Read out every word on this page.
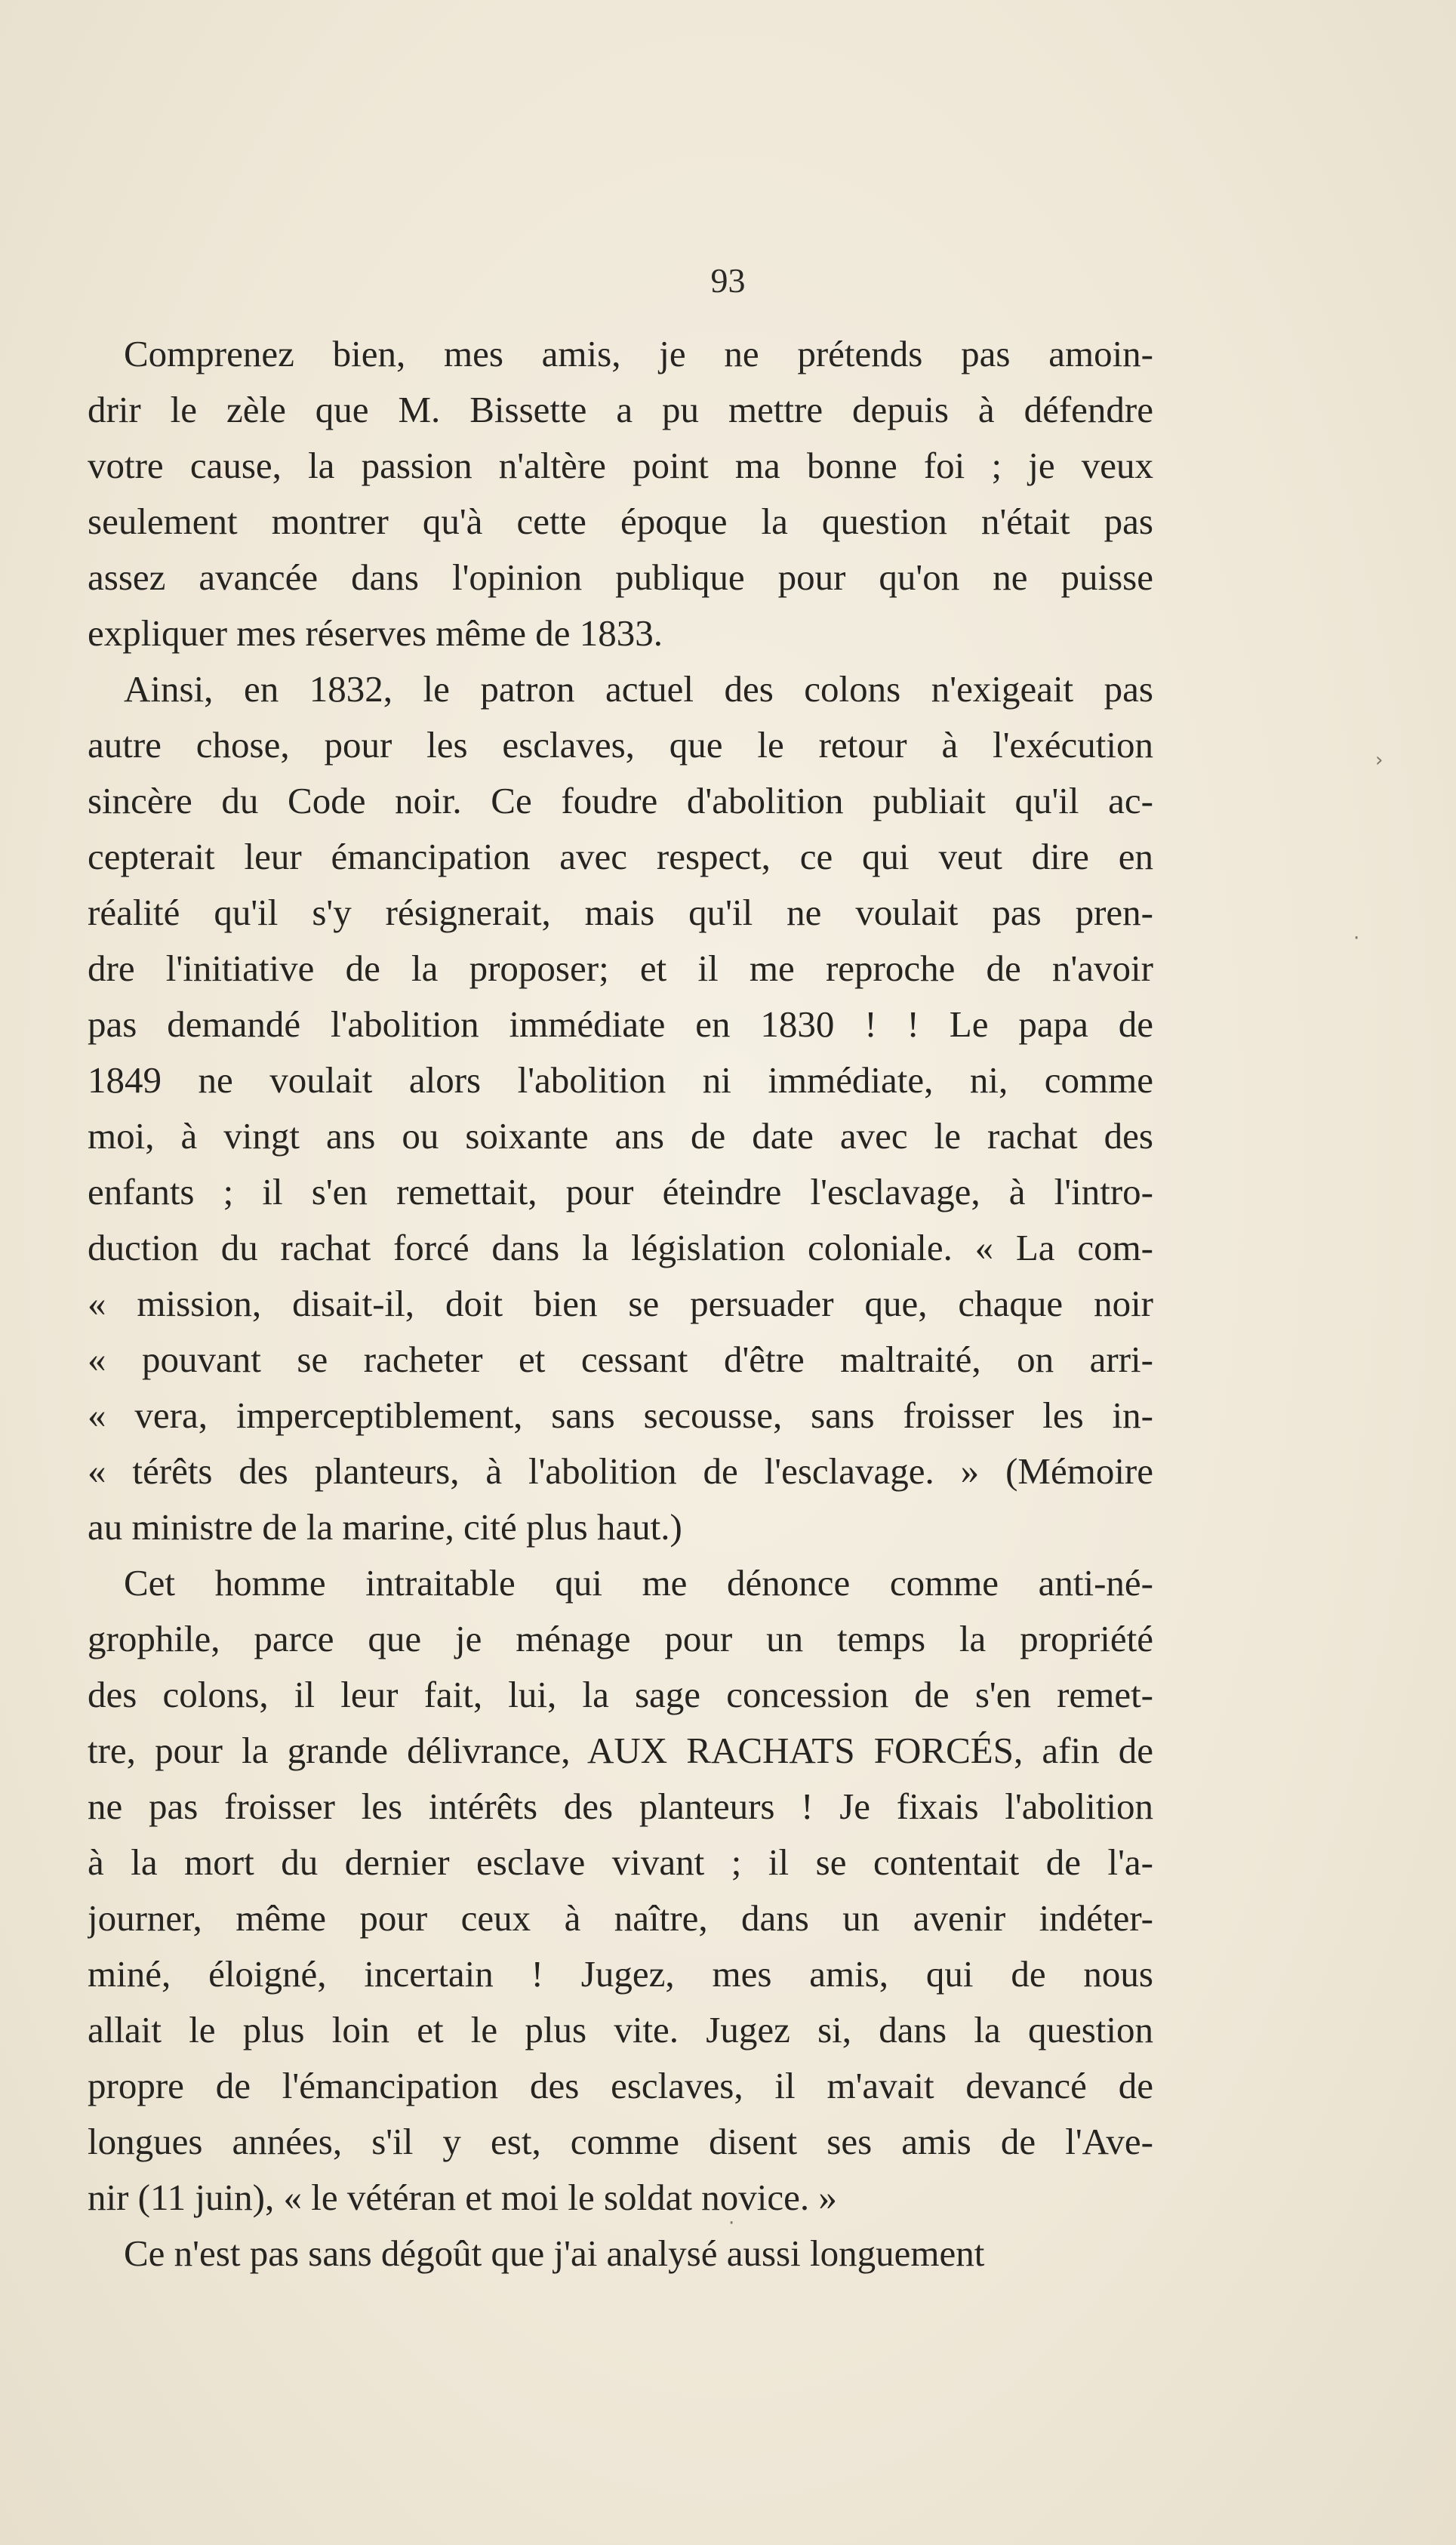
93
Comprenez bien, mes amis, je ne prétends pas amoin-
drir le zèle que M. Bissette a pu mettre depuis à défendre
votre cause, la passion n'altère point ma bonne foi ; je veux
seulement montrer qu'à cette époque la question n'était pas
assez avancée dans l'opinion publique pour qu'on ne puisse
expliquer mes réserves même de 1833.
Ainsi, en 1832, le patron actuel des colons n'exigeait pas
autre chose, pour les esclaves, que le retour à l'exécution
sincère du Code noir. Ce foudre d'abolition publiait qu'il ac-
cepterait leur émancipation avec respect, ce qui veut dire en
réalité qu'il s'y résignerait, mais qu'il ne voulait pas pren-
dre l'initiative de la proposer; et il me reproche de n'avoir
pas demandé l'abolition immédiate en 1830 ! ! Le papa de
1849 ne voulait alors l'abolition ni immédiate, ni, comme
moi, à vingt ans ou soixante ans de date avec le rachat des
enfants ; il s'en remettait, pour éteindre l'esclavage, à l'intro-
duction du rachat forcé dans la législation coloniale. « La com-
« mission, disait-il, doit bien se persuader que, chaque noir
« pouvant se racheter et cessant d'être maltraité, on arri-
« vera, imperceptiblement, sans secousse, sans froisser les in-
« térêts des planteurs, à l'abolition de l'esclavage. » (Mémoire
au ministre de la marine, cité plus haut.)
Cet homme intraitable qui me dénonce comme anti-né-
grophile, parce que je ménage pour un temps la propriété
des colons, il leur fait, lui, la sage concession de s'en remet-
tre, pour la grande délivrance, AUX RACHATS FORCÉS, afin de
ne pas froisser les intérêts des planteurs ! Je fixais l'abolition
à la mort du dernier esclave vivant ; il se contentait de l'a-
journer, même pour ceux à naître, dans un avenir indéter-
miné, éloigné, incertain ! Jugez, mes amis, qui de nous
allait le plus loin et le plus vite. Jugez si, dans la question
propre de l'émancipation des esclaves, il m'avait devancé de
longues années, s'il y est, comme disent ses amis de l'Ave-
nir (11 juin), « le vétéran et moi le soldat novice. »
Ce n'est pas sans dégoût que j'ai analysé aussi longuement
›
·
·
